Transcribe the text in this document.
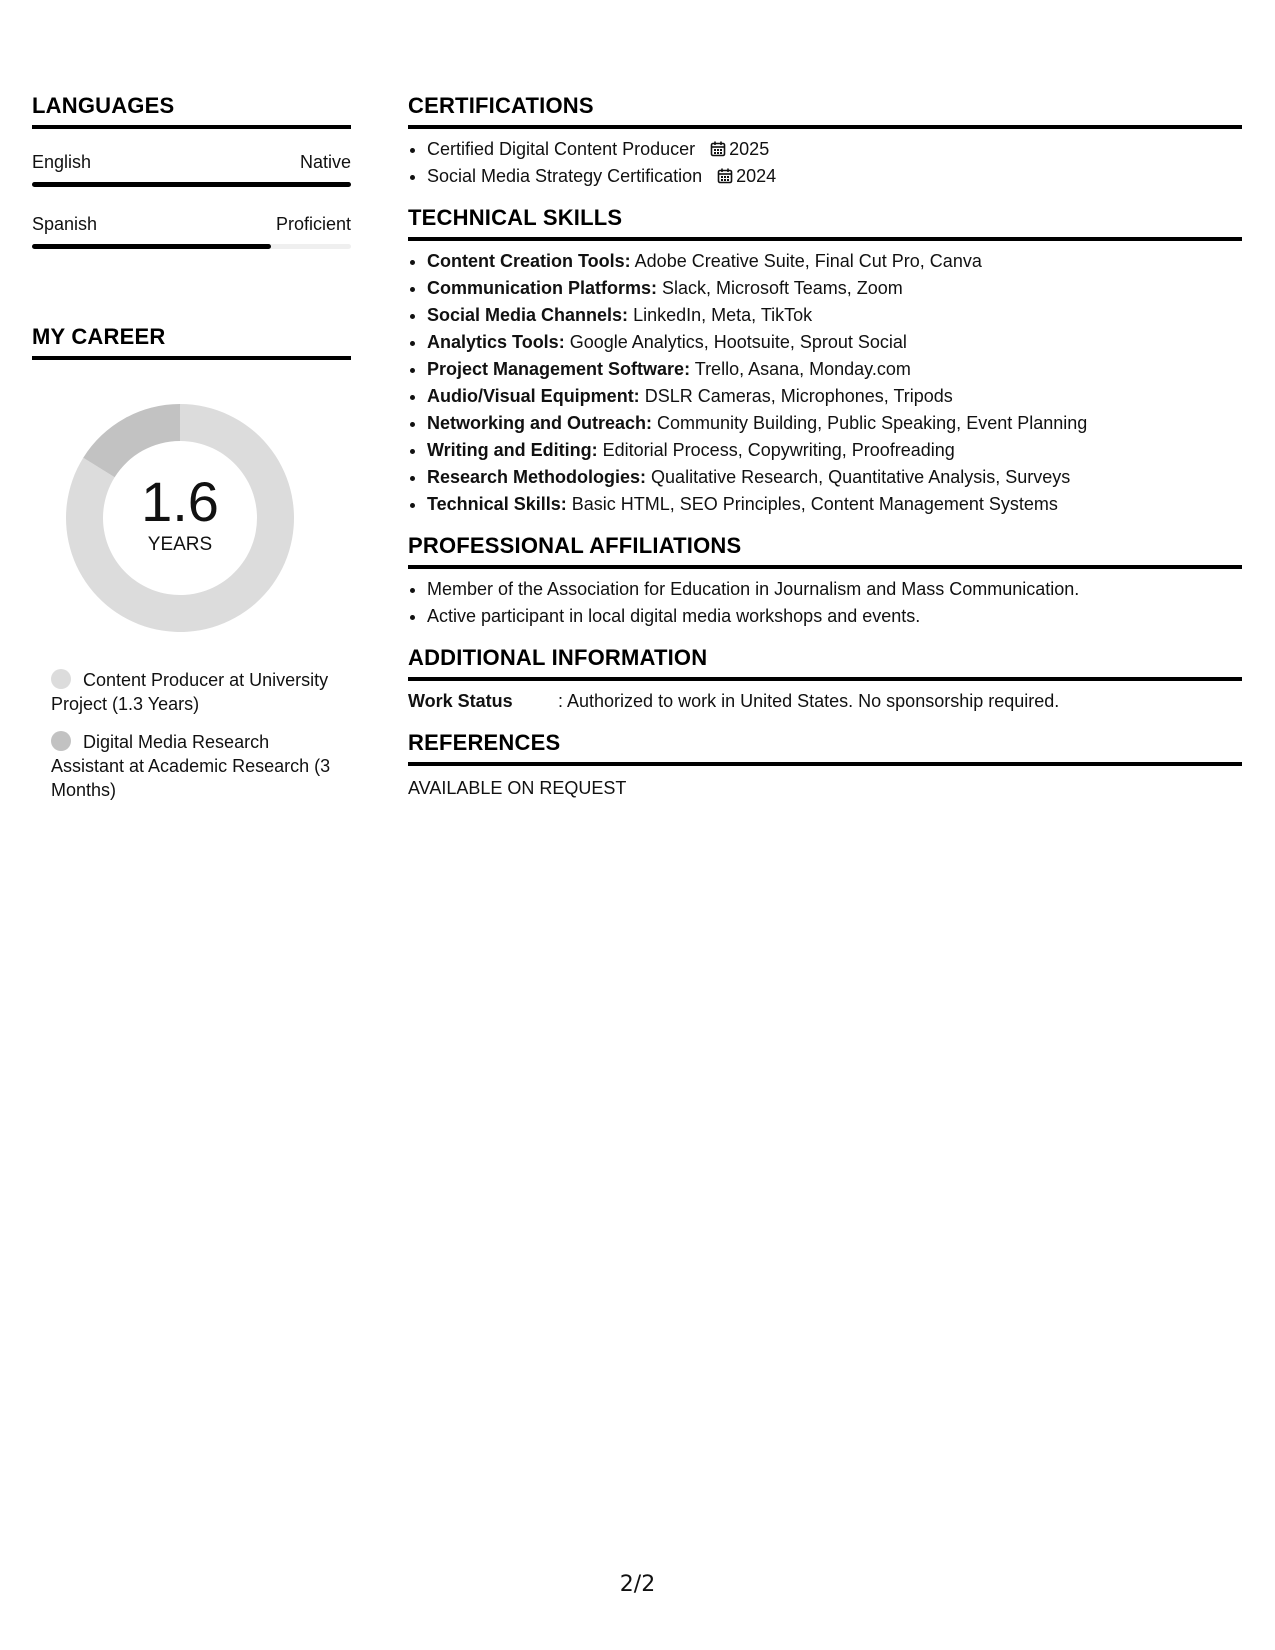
LANGUAGES
English	Native
Spanish	Proficient
MY CAREER
1.6
YEARS
Content Producer at University Project (1.3 Years)
Digital Media Research Assistant at Academic Research (3 Months)
CERTIFICATIONS
• Certified Digital Content Producer 2025
• Social Media Strategy Certification 2024
TECHNICAL SKILLS
• Content Creation Tools: Adobe Creative Suite, Final Cut Pro, Canva
• Communication Platforms: Slack, Microsoft Teams, Zoom
• Social Media Channels: LinkedIn, Meta, TikTok
• Analytics Tools: Google Analytics, Hootsuite, Sprout Social
• Project Management Software: Trello, Asana, Monday.com
• Audio/Visual Equipment: DSLR Cameras, Microphones, Tripods
• Networking and Outreach: Community Building, Public Speaking, Event Planning
• Writing and Editing: Editorial Process, Copywriting, Proofreading
• Research Methodologies: Qualitative Research, Quantitative Analysis, Surveys
• Technical Skills: Basic HTML, SEO Principles, Content Management Systems
PROFESSIONAL AFFILIATIONS
• Member of the Association for Education in Journalism and Mass Communication.
• Active participant in local digital media workshops and events.
ADDITIONAL INFORMATION
Work Status	: Authorized to work in United States. No sponsorship required.
REFERENCES
AVAILABLE ON REQUEST
2/2
